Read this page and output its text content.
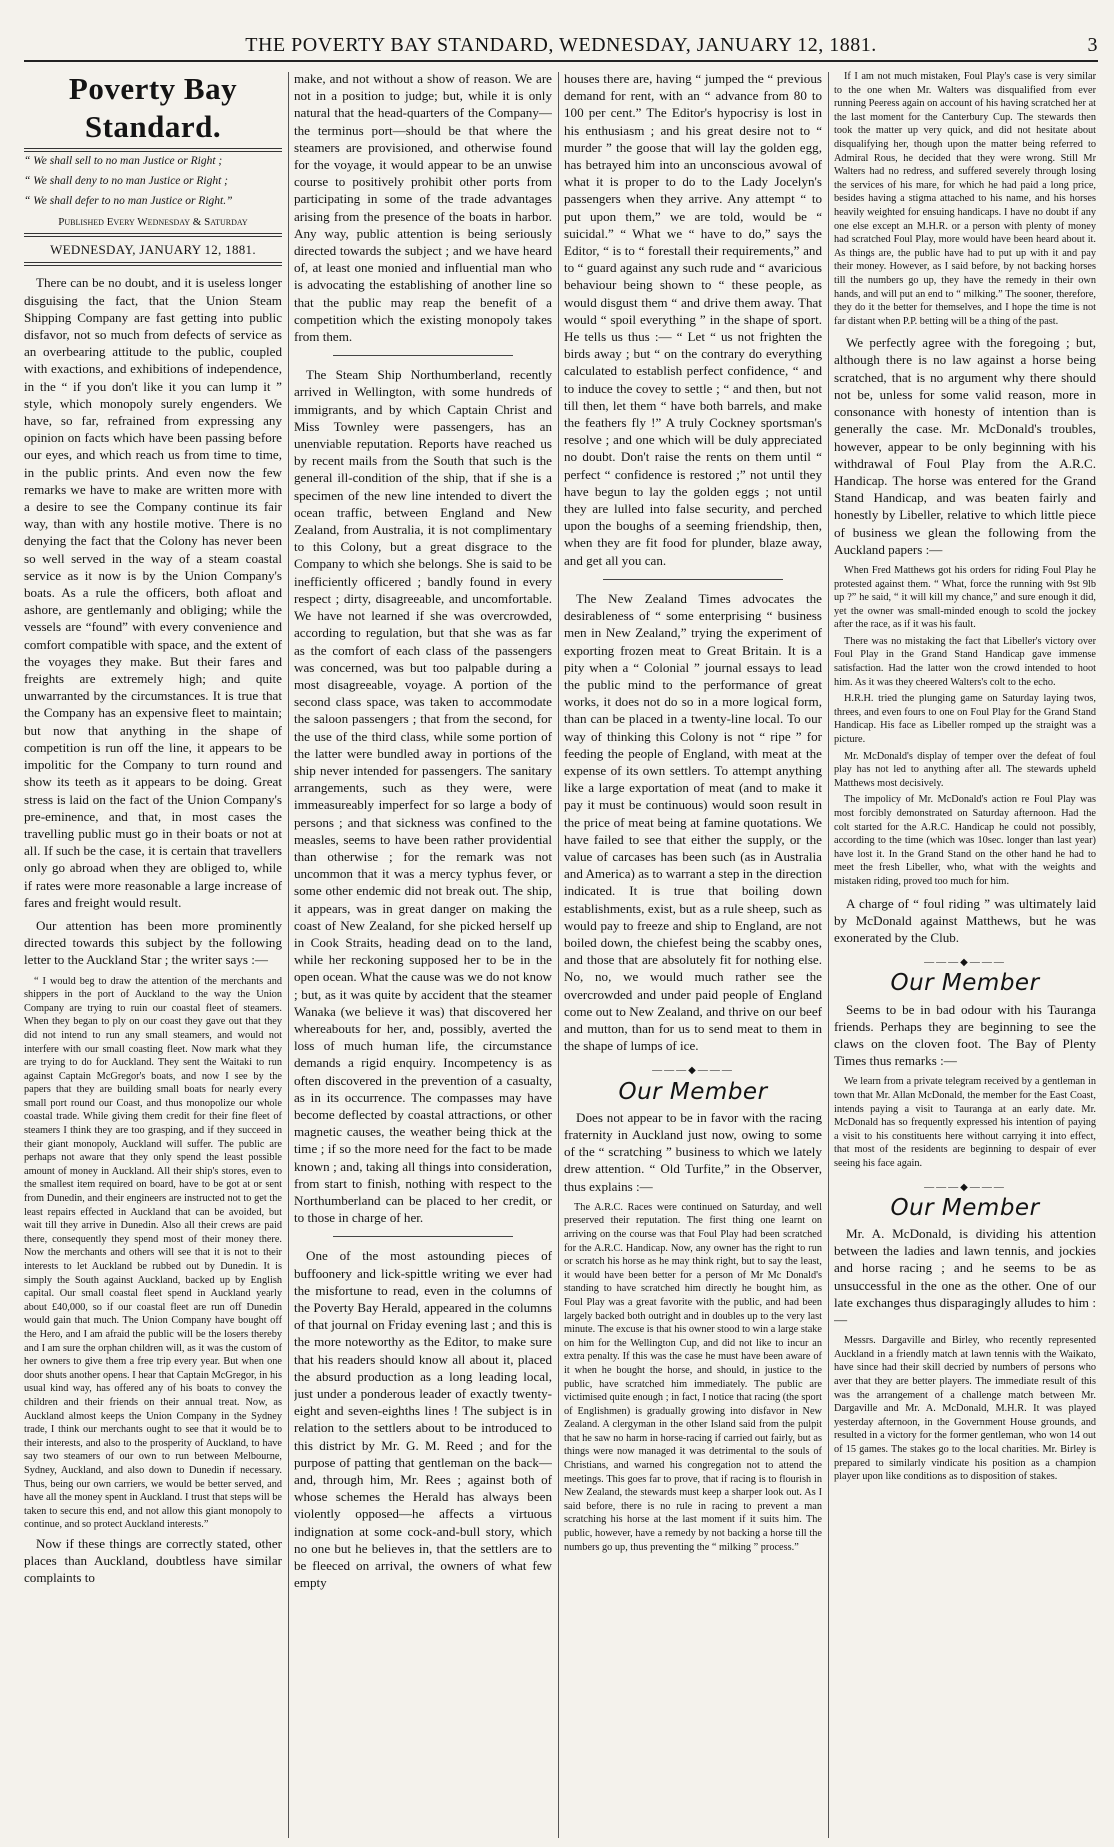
THE POVERTY BAY STANDARD, WEDNESDAY, JANUARY 12, 1881.	3
Poverty Bay Standard.

“ We shall sell to no man Justice or Right ;

“ We shall deny to no man Justice or Right ;

“ We shall defer to no man Justice or Right.”

Published Every Wednesday & Saturday
WEDNESDAY, JANUARY 12, 1881.

There can be no doubt, and it is useless longer disguising the fact, that the Union Steam Shipping Company are fast getting into public disfavor, not so much from defects of service as an overbearing attitude to the public, coupled with exactions, and exhibitions of independence, in the “ if you don't like it you can lump it ” style, which monopoly surely engenders. We have, so far, refrained from expressing any opinion on facts which have been passing before our eyes, and which reach us from time to time, in the public prints. And even now the few remarks we have to make are written more with a desire to see the Company continue its fair way, than with any hostile motive. There is no denying the fact that the Colony has never been so well served in the way of a steam coastal service as it now is by the Union Company's boats. As a rule the officers, both afloat and ashore, are gentlemanly and obliging; while the vessels are “found” with every convenience and comfort compatible with space, and the extent of the voyages they make. But their fares and freights are extremely high; and quite unwarranted by the circumstances. It is true that the Company has an expensive fleet to maintain; but now that anything in the shape of competition is run off the line, it appears to be impolitic for the Company to turn round and show its teeth as it appears to be doing. Great stress is laid on the fact of the Union Company's pre-eminence, and that, in most cases the travelling public must go in their boats or not at all. If such be the case, it is certain that travellers only go abroad when they are obliged to, while if rates were more reasonable a large increase of fares and freight would result.

Our attention has been more prominently directed towards this subject by the following letter to the Auckland Star ; the writer says :—

“ I would beg to draw the attention of the merchants and shippers in the port of Auckland to the way the Union Company are trying to ruin our coastal fleet of steamers. When they began to ply on our coast they gave out that they did not intend to run any small steamers, and would not interfere with our small coasting fleet. Now mark what they are trying to do for Auckland. They sent the Waitaki to run against Captain McGregor's boats, and now I see by the papers that they are building small boats for nearly every small port round our Coast, and thus monopolize our whole coastal trade. While giving them credit for their fine fleet of steamers I think they are too grasping, and if they succeed in their giant monopoly, Auckland will suffer. The public are perhaps not aware that they only spend the least possible amount of money in Auckland. All their ship's stores, even to the smallest item required on board, have to be got at or sent from Dunedin, and their engineers are instructed not to get the least repairs effected in Auckland that can be avoided, but wait till they arrive in Dunedin. Also all their crews are paid there, consequently they spend most of their money there. Now the merchants and others will see that it is not to their interests to let Auckland be rubbed out by Dunedin. It is simply the South against Auckland, backed up by English capital. Our small coastal fleet spend in Auckland yearly about £40,000, so if our coastal fleet are run off Dunedin would gain that much. The Union Company have bought off the Hero, and I am afraid the public will be the losers thereby and I am sure the orphan children will, as it was the custom of her owners to give them a free trip every year. But when one door shuts another opens. I hear that Captain McGregor, in his usual kind way, has offered any of his boats to convey the children and their friends on their annual treat. Now, as Auckland almost keeps the Union Company in the Sydney trade, I think our merchants ought to see that it would be to their interests, and also to the prosperity of Auckland, to have say two steamers of our own to run between Melbourne, Sydney, Auckland, and also down to Dunedin if necessary. Thus, being our own carriers, we would be better served, and have all the money spent in Auckland. I trust that steps will be taken to secure this end, and not allow this giant monopoly to continue, and so protect Auckland interests.”

Now if these things are correctly stated, other places than Auckland, doubtless have similar complaints to

make, and not without a show of reason. We are not in a position to judge; but, while it is only natural that the head-quarters of the Company—the terminus port—should be that where the steamers are provisioned, and otherwise found for the voyage, it would appear to be an unwise course to positively prohibit other ports from participating in some of the trade advantages arising from the presence of the boats in harbor. Any way, public attention is being seriously directed towards the subject ; and we have heard of, at least one monied and influential man who is advocating the establishing of another line so that the public may reap the benefit of a competition which the existing monopoly takes from them.

The Steam Ship Northumberland, recently arrived in Wellington, with some hundreds of immigrants, and by which Captain Christ and Miss Townley were passengers, has an unenviable reputation. Reports have reached us by recent mails from the South that such is the general ill-condition of the ship, that if she is a specimen of the new line intended to divert the ocean traffic, between England and New Zealand, from Australia, it is not complimentary to this Colony, but a great disgrace to the Company to which she belongs. She is said to be inefficiently officered ; bandly found in every respect ; dirty, disagreeable, and uncomfortable. We have not learned if she was overcrowded, according to regulation, but that she was as far as the comfort of each class of the passengers was concerned, was but too palpable during a most disagreeable, voyage. A portion of the second class space, was taken to accommodate the saloon passengers ; that from the second, for the use of the third class, while some portion of the latter were bundled away in portions of the ship never intended for passengers. The sanitary arrangements, such as they were, were immeasureably imperfect for so large a body of persons ; and that sickness was confined to the measles, seems to have been rather providential than otherwise ; for the remark was not uncommon that it was a mercy typhus fever, or some other endemic did not break out. The ship, it appears, was in great danger on making the coast of New Zealand, for she picked herself up in Cook Straits, heading dead on to the land, while her reckoning supposed her to be in the open ocean. What the cause was we do not know ; but, as it was quite by accident that the steamer Wanaka (we believe it was) that discovered her whereabouts for her, and, possibly, averted the loss of much human life, the circumstance demands a rigid enquiry. Incompetency is as often discovered in the prevention of a casualty, as in its occurrence. The compasses may have become deflected by coastal attractions, or other magnetic causes, the weather being thick at the time ; if so the more need for the fact to be made known ; and, taking all things into consideration, from start to finish, nothing with respect to the Northumberland can be placed to her credit, or to those in charge of her.

One of the most astounding pieces of buffoonery and lick-spittle writing we ever had the misfortune to read, even in the columns of the Poverty Bay Herald, appeared in the columns of that journal on Friday evening last ; and this is the more noteworthy as the Editor, to make sure that his readers should know all about it, placed the absurd production as a long leading local, just under a ponderous leader of exactly twenty-eight and seven-eighths lines ! The subject is in relation to the settlers about to be introduced to this district by Mr. G. M. Reed ; and for the purpose of patting that gentleman on the back—and, through him, Mr. Rees ; against both of whose schemes the Herald has always been violently opposed—he affects a virtuous indignation at some cock-and-bull story, which no one but he believes in, that the settlers are to be fleeced on arrival, the owners of what few empty

houses there are, having “ jumped the “ previous demand for rent, with an “ advance from 80 to 100 per cent.” The Editor's hypocrisy is lost in his enthusiasm ; and his great desire not to “ murder ” the goose that will lay the golden egg, has betrayed him into an unconscious avowal of what it is proper to do to the Lady Jocelyn's passengers when they arrive. Any attempt “ to put upon them,” we are told, would be “ suicidal.” “ What we “ have to do,” says the Editor, “ is to “ forestall their requirements,” and to “ guard against any such rude and “ avaricious behaviour being shown to “ these people, as would disgust them “ and drive them away. That would “ spoil everything ” in the shape of sport. He tells us thus :— “ Let “ us not frighten the birds away ; but “ on the contrary do everything calculated to establish perfect confidence, “ and to induce the covey to settle ; “ and then, but not till then, let them “ have both barrels, and make the feathers fly !” A truly Cockney sportsman's resolve ; and one which will be duly appreciated no doubt. Don't raise the rents on them until “ perfect “ confidence is restored ;” not until they have begun to lay the golden eggs ; not until they are lulled into false security, and perched upon the boughs of a seeming friendship, then, when they are fit food for plunder, blaze away, and get all you can.

The New Zealand Times advocates the desirableness of “ some enterprising “ business men in New Zealand,” trying the experiment of exporting frozen meat to Great Britain. It is a pity when a “ Colonial ” journal essays to lead the public mind to the performance of great works, it does not do so in a more logical form, than can be placed in a twenty-line local. To our way of thinking this Colony is not “ ripe ” for feeding the people of England, with meat at the expense of its own settlers. To attempt anything like a large exportation of meat (and to make it pay it must be continuous) would soon result in the price of meat being at famine quotations. We have failed to see that either the supply, or the value of carcases has been such (as in Australia and America) as to warrant a step in the direction indicated. It is true that boiling down establishments, exist, but as a rule sheep, such as would pay to freeze and ship to England, are not boiled down, the chiefest being the scabby ones, and those that are absolutely fit for nothing else. No, no, we would much rather see the overcrowded and under paid people of England come out to New Zealand, and thrive on our beef and mutton, than for us to send meat to them in the shape of lumps of ice.

———◆———
Our Member

Does not appear to be in favor with the racing fraternity in Auckland just now, owing to some of the “ scratching ” business to which we lately drew attention. “ Old Turfite,” in the Observer, thus explains :—

The A.R.C. Races were continued on Saturday, and well preserved their reputation. The first thing one learnt on arriving on the course was that Foul Play had been scratched for the A.R.C. Handicap. Now, any owner has the right to run or scratch his horse as he may think right, but to say the least, it would have been better for a person of Mr Mc Donald's standing to have scratched him directly he bought him, as Foul Play was a great favorite with the public, and had been largely backed both outright and in doubles up to the very last minute. The excuse is that his owner stood to win a large stake on him for the Wellington Cup, and did not like to incur an extra penalty. If this was the case he must have been aware of it when he bought the horse, and should, in justice to the public, have scratched him immediately. The public are victimised quite enough ; in fact, I notice that racing (the sport of Englishmen) is gradually growing into disfavor in New Zealand. A clergyman in the other Island said from the pulpit that he saw no harm in horse-racing if carried out fairly, but as things were now managed it was detrimental to the souls of Christians, and warned his congregation not to attend the meetings. This goes far to prove, that if racing is to flourish in New Zealand, the stewards must keep a sharper look out. As I said before, there is no rule in racing to prevent a man scratching his horse at the last moment if it suits him. The public, however, have a remedy by not backing a horse till the numbers go up, thus preventing the “ milking ” process.”

If I am not much mistaken, Foul Play's case is very similar to the one when Mr. Walters was disqualified from ever running Peeress again on account of his having scratched her at the last moment for the Canterbury Cup. The stewards then took the matter up very quick, and did not hesitate about disqualifying her, though upon the matter being referred to Admiral Rous, he decided that they were wrong. Still Mr Walters had no redress, and suffered severely through losing the services of his mare, for which he had paid a long price, besides having a stigma attached to his name, and his horses heavily weighted for ensuing handicaps. I have no doubt if any one else except an M.H.R. or a person with plenty of money had scratched Foul Play, more would have been heard about it. As things are, the public have had to put up with it and pay their money. However, as I said before, by not backing horses till the numbers go up, they have the remedy in their own hands, and will put an end to “ milking.” The sooner, therefore, they do it the better for themselves, and I hope the time is not far distant when P.P. betting will be a thing of the past.

We perfectly agree with the foregoing ; but, although there is no law against a horse being scratched, that is no argument why there should not be, unless for some valid reason, more in consonance with honesty of intention than is generally the case. Mr. McDonald's troubles, however, appear to be only beginning with his withdrawal of Foul Play from the A.R.C. Handicap. The horse was entered for the Grand Stand Handicap, and was beaten fairly and honestly by Libeller, relative to which little piece of business we glean the following from the Auckland papers :—

When Fred Matthews got his orders for riding Foul Play he protested against them. “ What, force the running with 9st 9lb up ?” he said, “ it will kill my chance,” and sure enough it did, yet the owner was small-minded enough to scold the jockey after the race, as if it was his fault.

There was no mistaking the fact that Libeller's victory over Foul Play in the Grand Stand Handicap gave immense satisfaction. Had the latter won the crowd intended to hoot him. As it was they cheered Walters's colt to the echo.

H.R.H. tried the plunging game on Saturday laying twos, threes, and even fours to one on Foul Play for the Grand Stand Handicap. His face as Libeller romped up the straight was a picture.

Mr. McDonald's display of temper over the defeat of foul play has not led to anything after all. The stewards upheld Matthews most decisively.

The impolicy of Mr. McDonald's action re Foul Play was most forcibly demonstrated on Saturday afternoon. Had the colt started for the A.R.C. Handicap he could not possibly, according to the time (which was 10sec. longer than last year) have lost it. In the Grand Stand on the other hand he had to meet the fresh Libeller, who, what with the weights and mistaken riding, proved too much for him.

A charge of “ foul riding ” was ultimately laid by McDonald against Matthews, but he was exonerated by the Club.

———◆———
Our Member

Seems to be in bad odour with his Tauranga friends. Perhaps they are beginning to see the claws on the cloven foot. The Bay of Plenty Times thus remarks :—

We learn from a private telegram received by a gentleman in town that Mr. Allan McDonald, the member for the East Coast, intends paying a visit to Tauranga at an early date. Mr. McDonald has so frequently expressed his intention of paying a visit to his constituents here without carrying it into effect, that most of the residents are beginning to despair of ever seeing his face again.

———◆———
Our Member

Mr. A. McDonald, is dividing his attention between the ladies and lawn tennis, and jockies and horse racing ; and he seems to be as unsuccessful in the one as the other. One of our late exchanges thus disparagingly alludes to him :—

Messrs. Dargaville and Birley, who recently represented Auckland in a friendly match at lawn tennis with the Waikato, have since had their skill decried by numbers of persons who aver that they are better players. The immediate result of this was the arrangement of a challenge match between Mr. Dargaville and Mr. A. McDonald, M.H.R. It was played yesterday afternoon, in the Government House grounds, and resulted in a victory for the former gentleman, who won 14 out of 15 games. The stakes go to the local charities. Mr. Birley is prepared to similarly vindicate his position as a champion player upon like conditions as to disposition of stakes.
